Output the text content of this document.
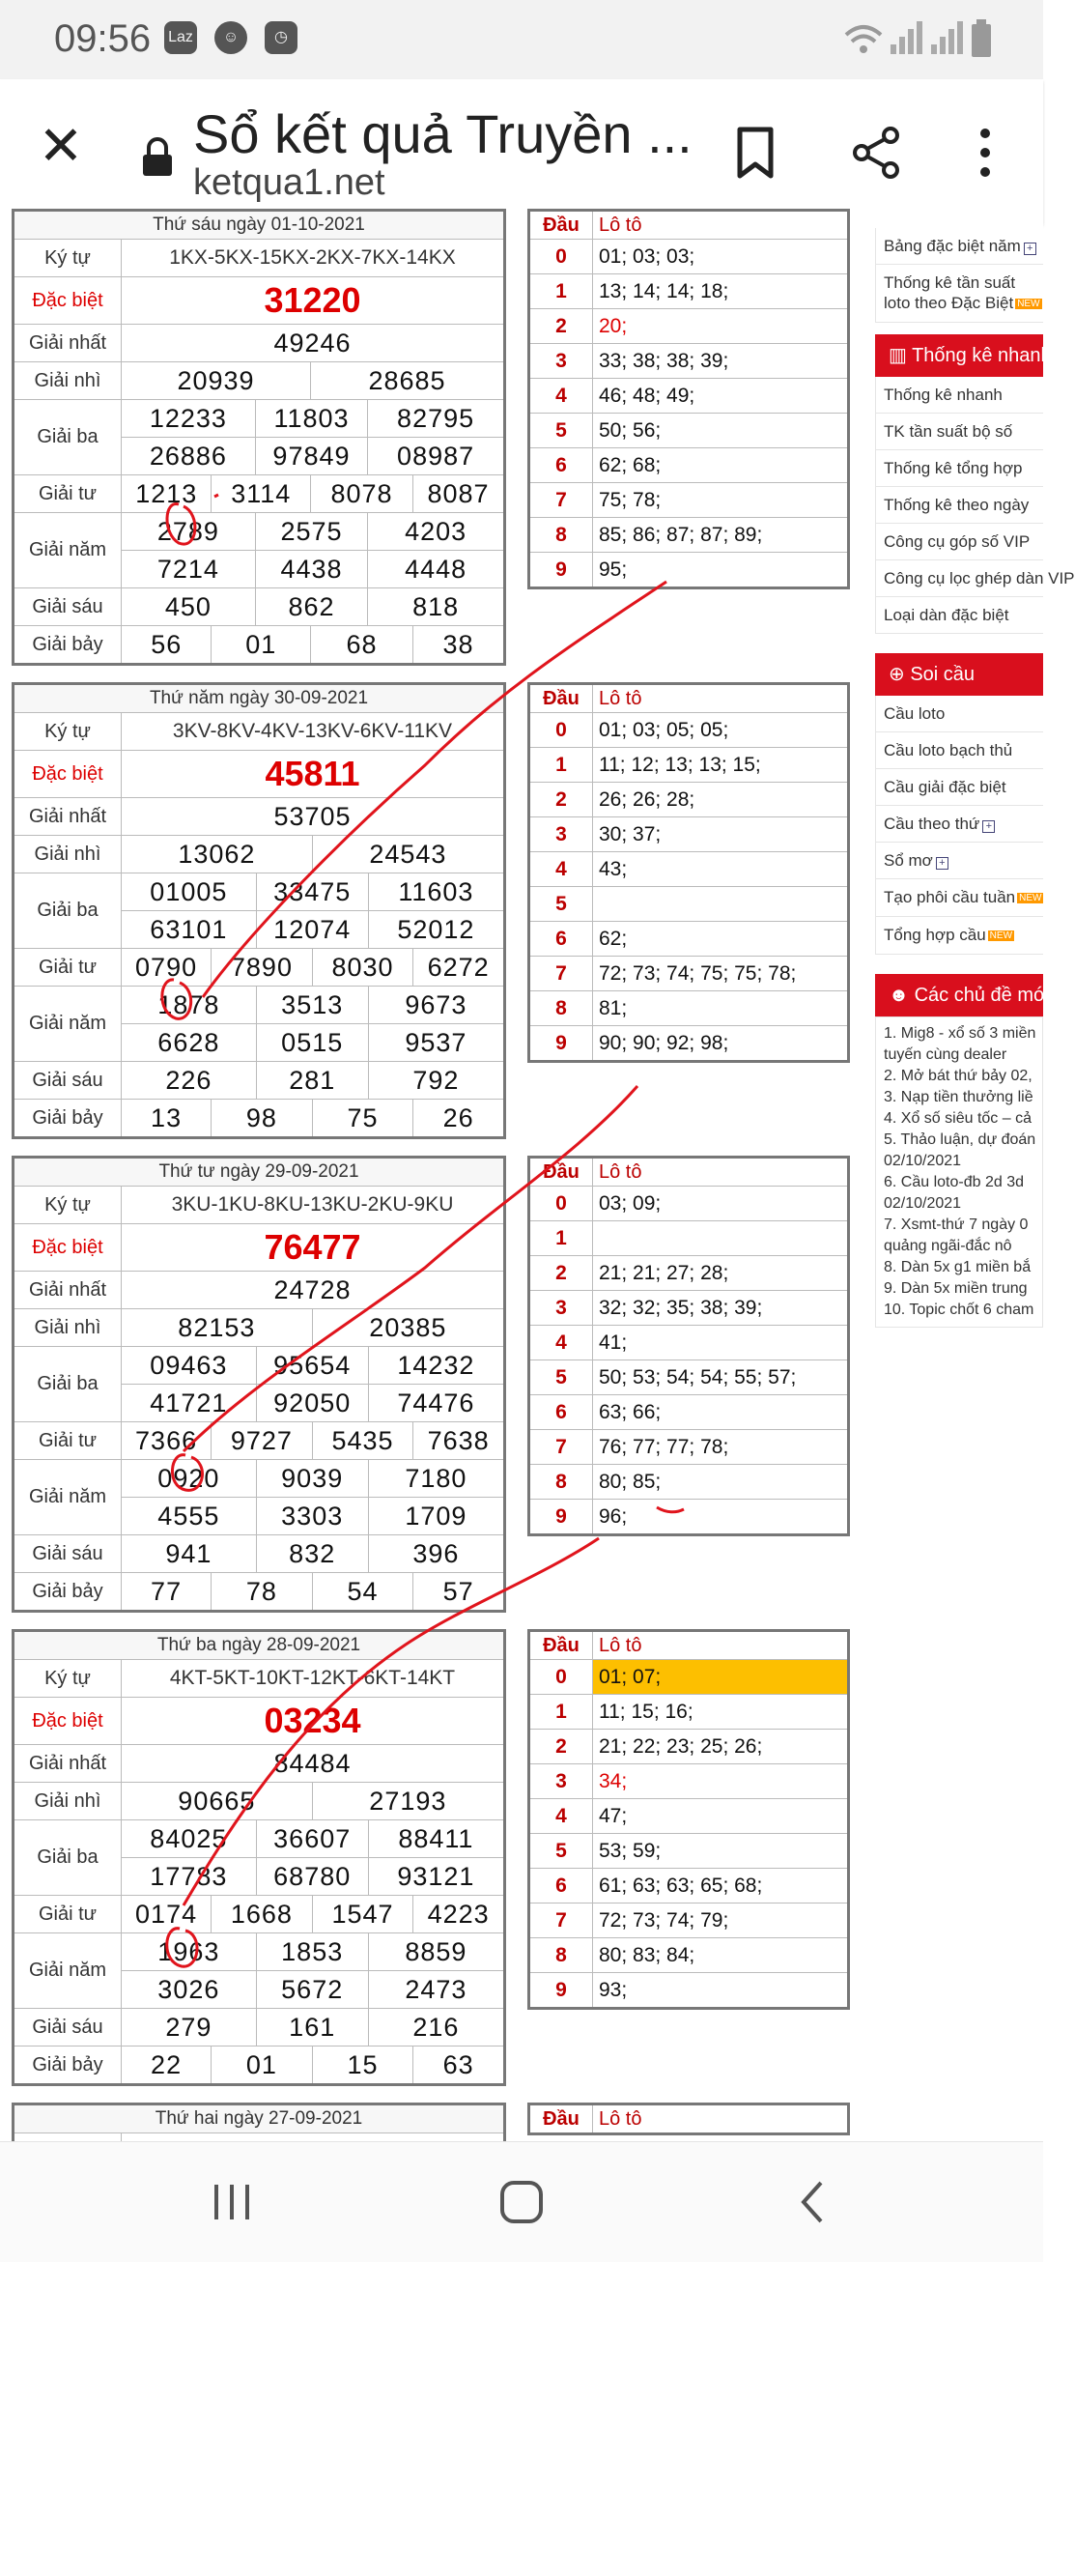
09:56 Laz	☺	◷
✕ Sổ kết quả Truyền ...
ketqua1.net
Thứ sáu ngày 01-10-2021						
Ký tự	1KX-5KX-15KX-2KX-7KX-14KX					
Đặc biệt	31220					
Giải nhất	49246					
Giải nhì	20939			28685		
Giải ba	12233		11803		82795	
	26886		97849		08987	
Giải tư	1213	3114		8078		8087
Giải năm	2789		2575		4203	
	7214		4438		4448	
Giải sáu	450		862		818	
Giải bảy	56	01		68		38
Đầu	Lô tô
0	01; 03; 03;
1	13; 14; 14; 18;
2	20;
3	33; 38; 38; 39;
4	46; 48; 49;
5	50; 56;
6	62; 68;
7	75; 78;
8	85; 86; 87; 87; 89;
9	95;
Thứ năm ngày 30-09-2021						
Ký tự	3KV-8KV-4KV-13KV-6KV-11KV					
Đặc biệt	45811					
Giải nhất	53705					
Giải nhì	13062			24543		
Giải ba	01005		33475		11603	
	63101		12074		52012	
Giải tư	0790	7890		8030		6272
Giải năm	1878		3513		9673	
	6628		0515		9537	
Giải sáu	226		281		792	
Giải bảy	13	98		75		26
Đầu	Lô tô
0	01; 03; 05; 05;
1	11; 12; 13; 13; 15;
2	26; 26; 28;
3	30; 37;
4	43;
5	
6	62;
7	72; 73; 74; 75; 75; 78;
8	81;
9	90; 90; 92; 98;
Thứ tư ngày 29-09-2021						
Ký tự	3KU-1KU-8KU-13KU-2KU-9KU					
Đặc biệt	76477					
Giải nhất	24728					
Giải nhì	82153			20385		
Giải ba	09463		95654		14232	
	41721		92050		74476	
Giải tư	7366	9727		5435		7638
Giải năm	0920		9039		7180	
	4555		3303		1709	
Giải sáu	941		832		396	
Giải bảy	77	78		54		57
Đầu	Lô tô
0	03; 09;
1	
2	21; 21; 27; 28;
3	32; 32; 35; 38; 39;
4	41;
5	50; 53; 54; 54; 55; 57;
6	63; 66;
7	76; 77; 77; 78;
8	80; 85;
9	96;
Thứ ba ngày 28-09-2021						
Ký tự	4KT-5KT-10KT-12KT-6KT-14KT					
Đặc biệt	03234					
Giải nhất	84484					
Giải nhì	90665			27193		
Giải ba	84025		36607		88411	
	17783		68780		93121	
Giải tư	0174	1668		1547		4223
Giải năm	1963		1853		8859	
	3026		5672		2473	
Giải sáu	279		161		216	
Giải bảy	22	01		15		63
Đầu	Lô tô
0	01; 07;
1	11; 15; 16;
2	21; 22; 23; 25; 26;
3	34;
4	47;
5	53; 59;
6	61; 63; 63; 65; 68;
7	72; 73; 74; 79;
8	80; 83; 84;
9	93;
Thứ hai ngày 27-09-2021
		Đầu	Lô tô
Bảng đặc biệt năm +
Thống kê tần suất loto theo Đặc Biệt NEW
▥ Thống kê nhanh
Thống kê nhanh
TK tần suất bộ số
Thống kê tổng hợp
Thống kê theo ngày
Công cụ góp số VIP
Công cụ lọc ghép dàn VIP
Loại dàn đặc biệt
⊕ Soi cầu
Cầu loto
Cầu loto bạch thủ
Cầu giải đặc biệt
Cầu theo thứ +
Sổ mơ +
Tạo phôi cầu tuần NEW
Tổng hợp cầu NEW
☻ Các chủ đề mới
1. Mig8 - xổ số 3 miền
tuyến cùng dealer
2. Mở bát thứ bảy 02,
3. Nạp tiền thưởng liề
4. Xổ số siêu tốc – cả
5. Thảo luận, dự đoán
02/10/2021
6. Cầu loto-đb 2d 3d
02/10/2021
7. Xsmt-thứ 7 ngày 0
quảng ngãi-đắc nô
8. Dàn 5x g1 miền bắ
9. Dàn 5x miền trung
10. Topic chốt 6 cham
